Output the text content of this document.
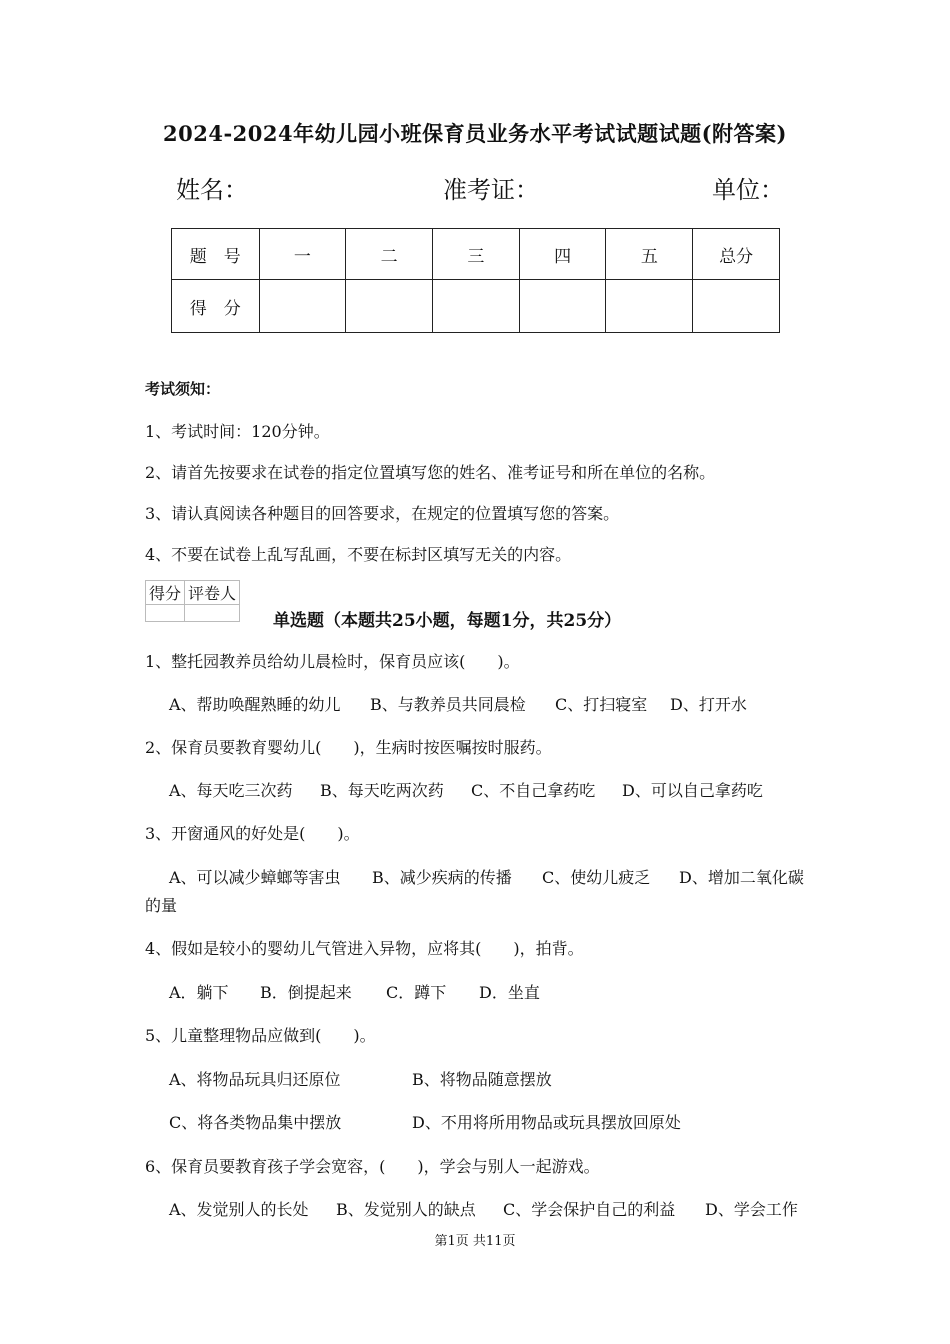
2024-2024年幼儿园小班保育员业务水平考试试题试题(附答案)
姓名：	准考证：	单位：
题　号	一	二	三	四	五	总分
得　分						
考试须知：
1、考试时间：120分钟。
2、请首先按要求在试卷的指定位置填写您的姓名、准考证号和所在单位的名称。
3、请认真阅读各种题目的回答要求，在规定的位置填写您的答案。
4、不要在试卷上乱写乱画，不要在标封区填写无关的内容。
得分	评卷人

单选题（本题共25小题，每题1分，共25分）
1、整托园教养员给幼儿晨检时，保育员应该(　　)。
A、帮助唤醒熟睡的幼儿 B、与教养员共同晨检 C、打扫寝室 D、打开水
2、保育员要教育婴幼儿(　　)，生病时按医嘱按时服药。
A、每天吃三次药 B、每天吃两次药 C、不自己拿药吃 D、可以自己拿药吃
3、开窗通风的好处是(　　)。
A、可以减少蟑螂等害虫 B、减少疾病的传播 C、使幼儿疲乏 D、增加二氧化碳
的量
4、假如是较小的婴幼儿气管进入异物，应将其(　　)，拍背。
A．躺下 B．倒提起来 C．蹲下 D．坐直
5、儿童整理物品应做到(　　)。
A、将物品玩具归还原位	B、将物品随意摆放
C、将各类物品集中摆放	D、不用将所用物品或玩具摆放回原处
6、保育员要教育孩子学会宽容，(　　)，学会与别人一起游戏。
A、发觉别人的长处 B、发觉别人的缺点 C、学会保护自己的利益 D、学会工作
第1页 共11页
